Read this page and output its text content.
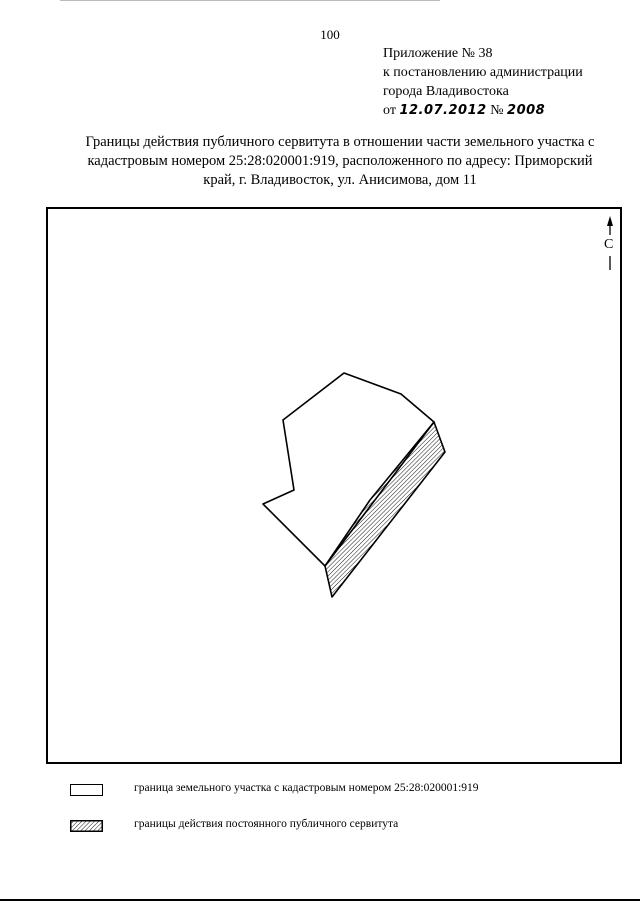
100
Приложение № 38
к постановлению администрации
города Владивостока
от 12.07.2012 № 2008
Границы действия публичного сервитута в отношении части земельного участка с
кадастровым номером 25:28:020001:919, расположенного по адресу: Приморский
край, г. Владивосток, ул. Анисимова, дом 11
С
граница земельного участка с кадастровым номером 25:28:020001:919
границы действия постоянного публичного сервитута
